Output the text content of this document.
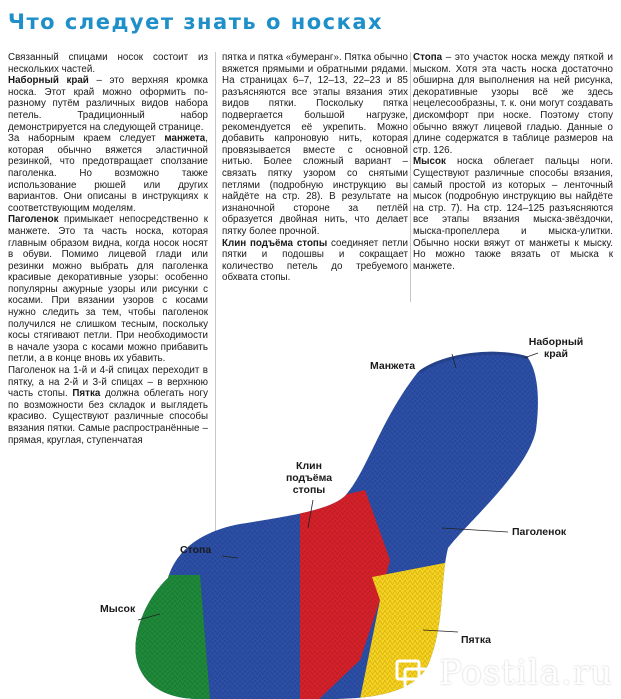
Что следует знать о носках

Связанный спицами носок состоит из нескольких частей.

Наборный край – это верхняя кромка носка. Этот край можно оформить по-разному путём различных видов набора петель. Традиционный набор демонстрируется на следующей странице.

За наборным краем следует манжета, которая обычно вяжется эластичной резинкой, что предотвращает сползание паголенка. Но возможно также использование рюшей или других вариантов. Они описаны в инструкциях к соответствующим моделям.

Паголенок примыкает непосредственно к манжете. Это та часть носка, которая главным образом видна, когда носок носят в обуви. Помимо лицевой глади или резинки можно выбрать для паголенка красивые декоративные узоры: особенно популярны ажурные узоры или рисунки с косами. При вязании узоров с косами нужно следить за тем, чтобы паголенок получился не слишком тесным, поскольку косы стягивают петли. При необходимости в начале узора с косами можно прибавить петли, а в конце вновь их убавить.

Паголенок на 1-й и 4-й спицах переходит в пятку, а на 2-й и 3-й спицах – в верхнюю часть стопы. Пятка должна облегать ногу по возможности без складок и выглядеть красиво. Существуют различные способы вязания пятки. Самые распространённые – прямая, круглая, ступенчатая

пятка и пятка «бумеранг». Пятка обычно вяжется прямыми и обратными рядами. На страницах 6–7, 12–13, 22–23 и 85 разъясняются все этапы вязания этих видов пятки. Поскольку пятка подвергается большой нагрузке, рекомендуется её укрепить. Можно добавить капроновую нить, которая провязывается вместе с основной нитью. Более сложный вариант – связать пятку узором со снятыми петлями (подробную инструкцию вы найдёте на стр. 28). В результате на изнаночной стороне за петлёй образуется двойная нить, что делает пятку более прочной.

Клин подъёма стопы соединяет петли пятки и подошвы и сокращает количество петель до требуемого обхвата стопы.

Стопа – это участок носка между пяткой и мыском. Хотя эта часть носка достаточно обширна для выполнения на ней рисунка, декоративные узоры всё же здесь нецелесообразны, т. к. они могут создавать дискомфорт при носке. Поэтому стопу обычно вяжут лицевой гладью. Данные о длине содержатся в таблице размеров на стр. 126.

Мысок носка облегает пальцы ноги. Существуют различные способы вязания, самый простой из которых – ленточный мысок (подробную инструкцию вы найдёте на стр. 7). На стр. 124–125 разъясняются все этапы вязания мыска-звёздочки, мыска-пропеллера и мыска-улитки. Обычно носки вяжут от манжеты к мыску. Но можно также вязать от мыска к манжете.

Манжета
Наборный край
Клин подъёма стопы
Паголенок
Стопа
Мысок
Пятка
Postila.ru
